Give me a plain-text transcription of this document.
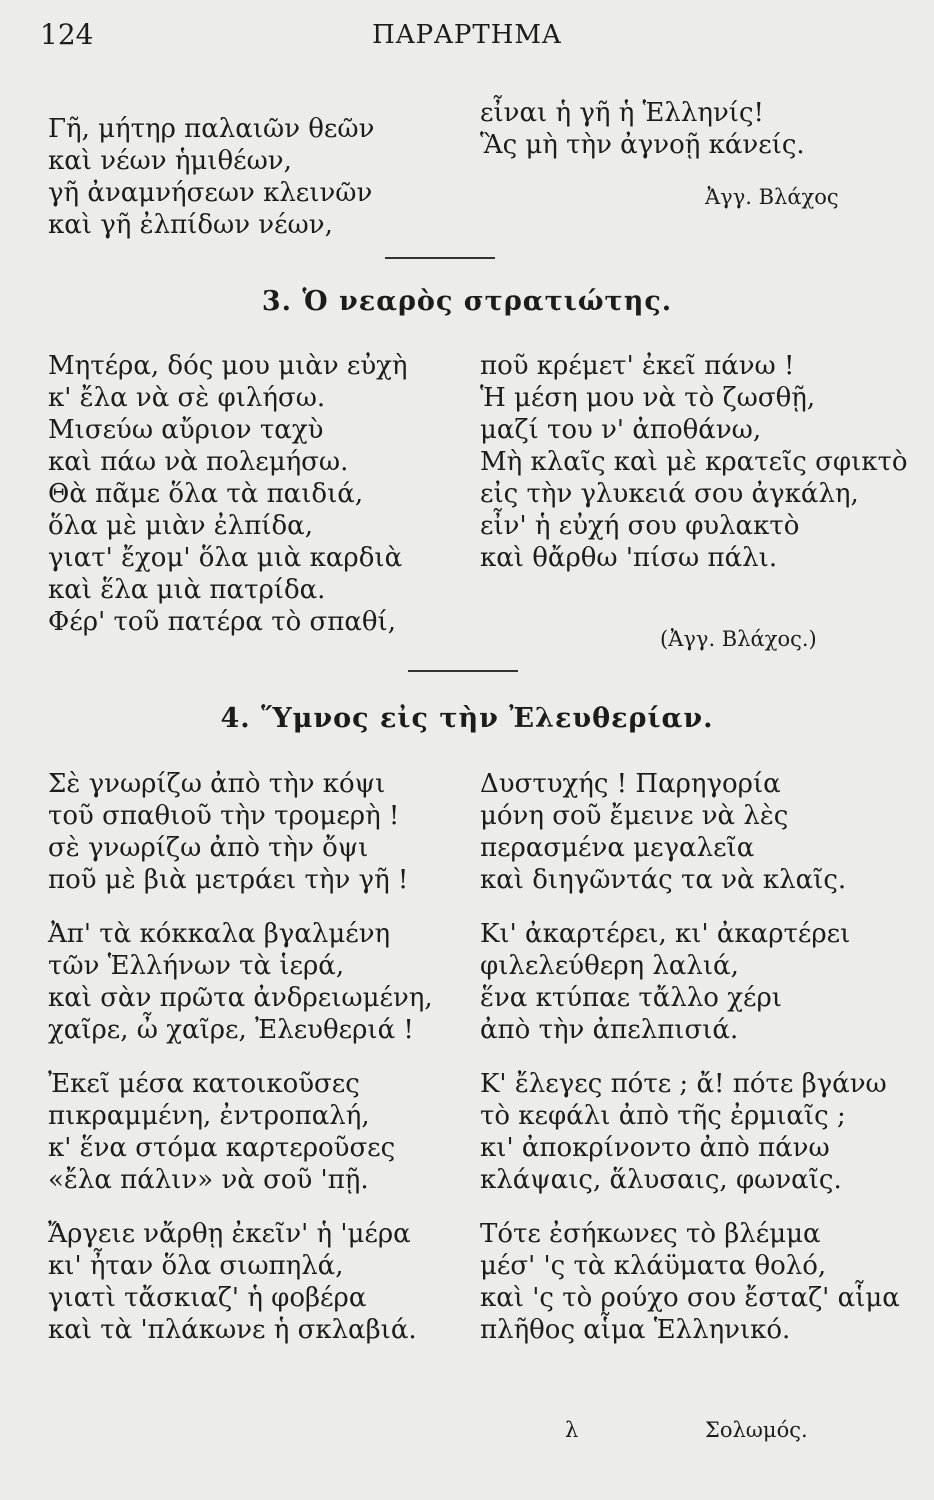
124	ΠΑΡΑΡΤΗΜΑ
Γῆ, μήτηρ παλαιῶν θεῶν
καὶ νέων ἡμιθέων,
γῆ ἀναμνήσεων κλεινῶν
καὶ γῆ ἐλπίδων νέων,
εἶναι ἡ γῆ ἡ Ἑλληνίς!
Ἃς μὴ τὴν ἀγνοῇ κάνείς.
Ἀγγ. Βλάχος
3. Ὁ νεαρὸς στρατιώτης.
Μητέρα, δός μου μιὰν εὐχὴ
κ' ἔλα νὰ σὲ φιλήσω.
Μισεύω αὔριον ταχὺ
καὶ πάω νὰ πολεμήσω.
Θὰ πᾶμε ὅλα τὰ παιδιά,
ὅλα μὲ μιὰν ἐλπίδα,
γιατ' ἔχομ' ὅλα μιὰ καρδιὰ
καὶ ἕλα μιὰ πατρίδα.
Φέρ' τοῦ πατέρα τὸ σπαθί,
ποῦ κρέμετ' ἐκεῖ πάνω !
Ἡ μέση μου νὰ τὸ ζωσθῇ,
μαζί του ν' ἀποθάνω,
Μὴ κλαῖς καὶ μὲ κρατεῖς σφικτὸ
εἰς τὴν γλυκειά σου ἀγκάλη,
εἶν' ἡ εὐχή σου φυλακτὸ
καὶ θἄρθω 'πίσω πάλι.
(Ἀγγ. Βλάχος.)
4. Ὕμνος εἰς τὴν Ἐλευθερίαν.
Σὲ γνωρίζω ἀπὸ τὴν κόψι
τοῦ σπαθιοῦ τὴν τρομερὴ !
σὲ γνωρίζω ἀπὸ τὴν ὄψι
ποῦ μὲ βιὰ μετράει τὴν γῆ !
Ἀπ' τὰ κόκκαλα βγαλμένη
τῶν Ἑλλήνων τὰ ἱερά,
καὶ σὰν πρῶτα ἀνδρειωμένη,
χαῖρε, ὦ χαῖρε, Ἐλευθεριά !
Ἐκεῖ μέσα κατοικοῦσες
πικραμμένη, ἐντροπαλή,
κ' ἕνα στόμα καρτεροῦσες
«ἔλα πάλιν» νὰ σοῦ 'πῇ.
Ἄργειε νἄρθῃ ἐκεῖν' ἡ 'μέρα
κι' ἦταν ὅλα σιωπηλά,
γιατὶ τἄσκιαζ' ἡ φοβέρα
καὶ τὰ 'πλάκωνε ἡ σκλαβιά.
Δυστυχής ! Παρηγορία
μόνη σοῦ ἔμεινε νὰ λὲς
περασμένα μεγαλεῖα
καὶ διηγῶντάς τα νὰ κλαῖς.
Κι' ἀκαρτέρει, κι' ἀκαρτέρει
φιλελεύθερη λαλιά,
ἕνα κτύπαε τἄλλο χέρι
ἀπὸ τὴν ἀπελπισιά.
Κ' ἔλεγες πότε ; ἄ! πότε βγάνω
τὸ κεφάλι ἀπὸ τῆς ἐρμιαῖς ;
κι' ἀποκρίνοντο ἀπὸ πάνω
κλάψαις, ἅλυσαις, φωναῖς.
Τότε ἐσήκωνες τὸ βλέμμα
μέσ' 'ς τὰ κλάϋματα θολό,
καὶ 'ς τὸ ρούχο σου ἔσταζ' αἷμα
πλῆθος αἷμα Ἑλληνικό.
λ	Σολωμός.
